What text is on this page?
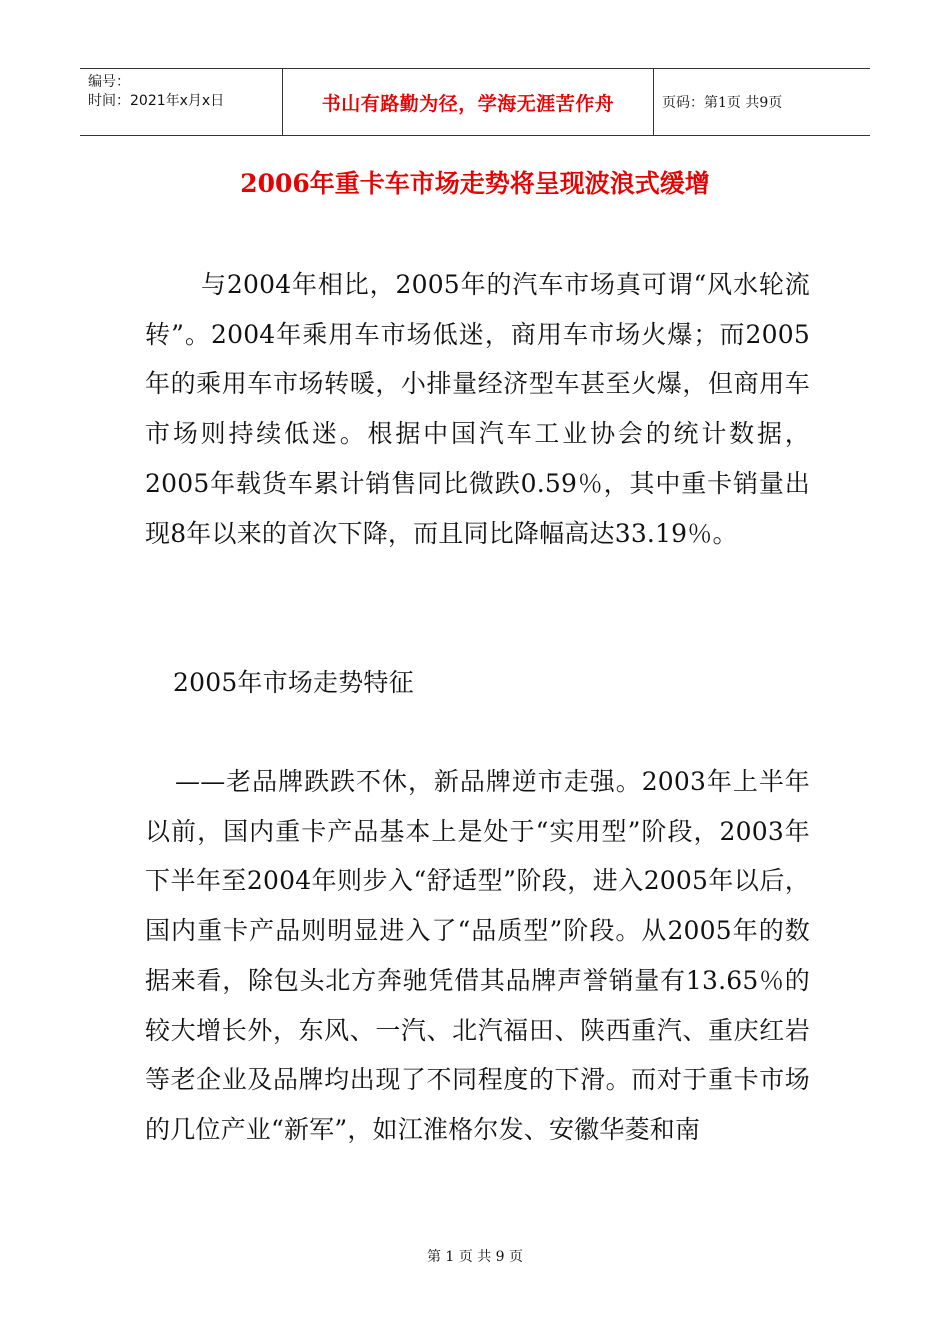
编号：
时间：2021年x月x日	书山有路勤为径，学海无涯苦作舟	页码：第1页 共9页
2006年重卡车市场走势将呈现波浪式缓增

与2004年相比，2005年的汽车市场真可谓“风水轮流转”。2004年乘用车市场低迷，商用车市场火爆；而2005年的乘用车市场转暖，小排量经济型车甚至火爆，但商用车市场则持续低迷。根据中国汽车工业协会的统计数据，2005年载货车累计销售同比微跌0.59％，其中重卡销量出现8年以来的首次下降，而且同比降幅高达33.19％。

2005年市场走势特征

——老品牌跌跌不休，新品牌逆市走强。2003年上半年以前，国内重卡产品基本上是处于“实用型”阶段，2003年下半年至2004年则步入“舒适型”阶段，进入2005年以后，国内重卡产品则明显进入了“品质型”阶段。从2005年的数据来看，除包头北方奔驰凭借其品牌声誉销量有13.65％的较大增长外，东风、一汽、北汽福田、陕西重汽、重庆红岩等老企业及品牌均出现了不同程度的下滑。而对于重卡市场的几位产业“新军”，如江淮格尔发、安徽华菱和南

第 1 页 共 9 页
